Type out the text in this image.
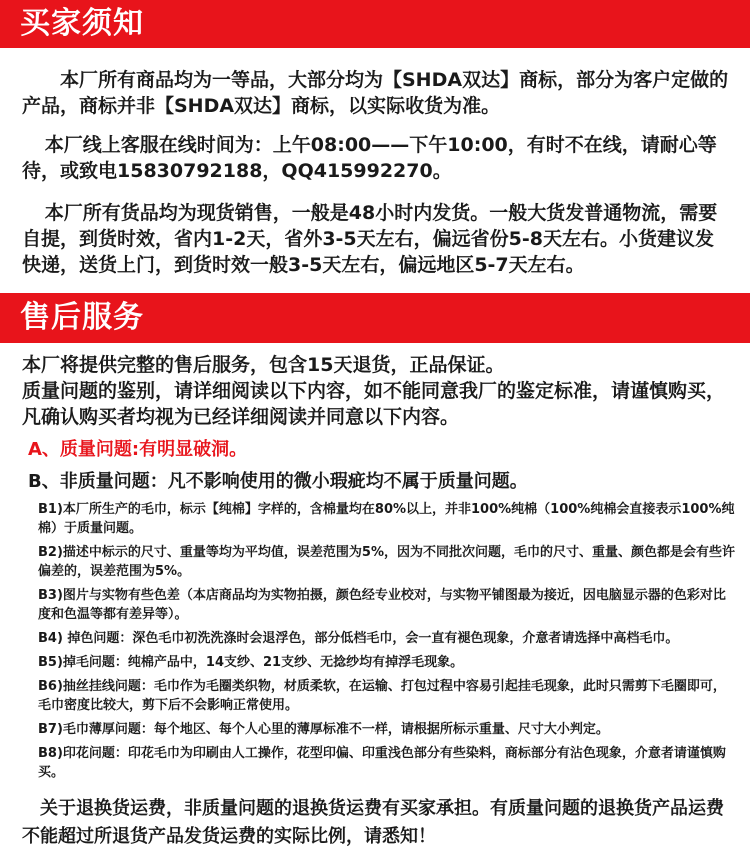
买家须知

本厂所有商品均为一等品，大部分均为【SHDA双达】商标，部分为客户定做的产品，商标并非【SHDA双达】商标，以实际收货为准。

本厂线上客服在线时间为：上午08:00——下午10:00，有时不在线，请耐心等待，或致电15830792188，QQ415992270。

本厂所有货品均为现货销售，一般是48小时内发货。一般大货发普通物流，需要自提，到货时效，省内1-2天，省外3-5天左右，偏远省份5-8天左右。小货建议发快递，送货上门，到货时效一般3-5天左右，偏远地区5-7天左右。

售后服务

本厂将提供完整的售后服务，包含15天退货，正品保证。

质量问题的鉴别，请详细阅读以下内容，如不能同意我厂的鉴定标准，请谨慎购买，凡确认购买者均视为已经详细阅读并同意以下内容。

A、质量问题:有明显破洞。
B、非质量问题：凡不影响使用的微小瑕疵均不属于质量问题。

B1)本厂所生产的毛巾，标示【纯棉】字样的，含棉量均在80%以上，并非100%纯棉（100%纯棉会直接表示100%纯棉）于质量问题。

B2)描述中标示的尺寸、重量等均为平均值，误差范围为5%，因为不同批次问题，毛巾的尺寸、重量、颜色都是会有些许偏差的，误差范围为5%。

B3)图片与实物有些色差（本店商品均为实物拍摄，颜色经专业校对，与实物平铺图最为接近，因电脑显示器的色彩对比度和色温等都有差异等）。

B4) 掉色问题：深色毛巾初洗洗涤时会退浮色，部分低档毛巾，会一直有褪色现象，介意者请选择中高档毛巾。

B5)掉毛问题：纯棉产品中，14支纱、21支纱、无捻纱均有掉浮毛现象。

B6)抽丝挂线问题：毛巾作为毛圈类织物，材质柔软，在运输、打包过程中容易引起挂毛现象，此时只需剪下毛圈即可，毛巾密度比较大，剪下后不会影响正常使用。

B7)毛巾薄厚问题：每个地区、每个人心里的薄厚标准不一样，请根据所标示重量、尺寸大小判定。

B8)印花问题：印花毛巾为印刷由人工操作，花型印偏、印重浅色部分有些染料，商标部分有沾色现象，介意者请谨慎购买。

关于退换货运费，非质量问题的退换货运费有买家承担。有质量问题的退换货产品运费不能超过所退货产品发货运费的实际比例，请悉知！
